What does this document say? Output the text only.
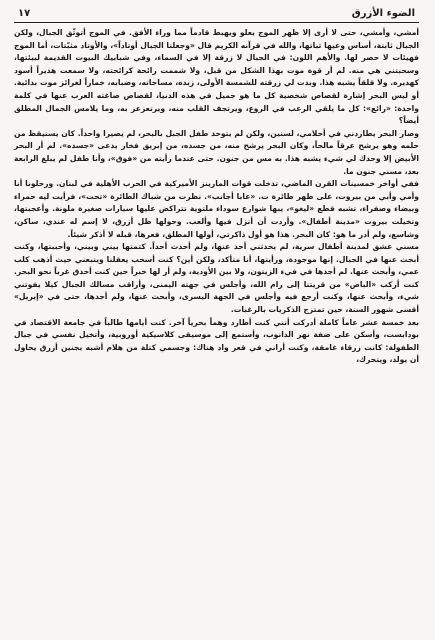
الضوء الأزرق
١٧

أمشي، وأمشي، حتى لا أرى إلا ظهر الموج يعلو ويهبط قادماً مما وراء الأفق. في الموج أتوثّق الجبال، ولكن الجبال ثابتة، أساس وعيها ثباتها، والله في قرآنه الكريم قال «وجعلنا الجبال أوتاداً»، والأوتاد مثبّتات، أما الموج فهيئات لا حصر لها. والأهم اللون: في الجبال لا زرقة إلا في السماء، وفي شبابيك البيوت القديمة لبيئتها، وسحبتني هي منه. لم أر قوة موت بهذا الشكل من قبل، ولا شممت رائحة كرائحته، ولا سمعت هديراً أسود كهديره. ولا قلقاً يشبه هذا. وبدت لي زرقته للشمسة الأولى، زبده، مساحاته، وضبابه، خماراً لغرائز موت بدائية. أو ليس البحر إشارة لقصاص شخصية كل ما هو جميل في هذه الدنيا، لقصاص صاغته العرب عنها في كلمة واحدة: «رائع»: كل ما يلقي الرعب في الروع، ويرتجف القلب منه، ويرتعزعز به، وما يلامس الجمال المطلق أيضاً؟

وصار البحر يطاردني في أحلامي، لسنين، ولكن لم يتوحد طفل الجبل بالبحر، لم يصيرا واحداً. كان يستيقظ من حلمه وهو يرشح عرقاً مالحاً، وكان البحر يرشح منه، من جسده، من إبريق فخار يدعى «جسده». لم أر البحر الأبيض إلا وحدك لي شيء يشبه هذا. به مس من جنون. حتى عندما رأيته من «فوق»، وأنا طفل لم يبلغ الرابعة بعد، مسني جنون ما.

ففي أواخر خمسينات القرن الماضي، تدخلت قوات المارينز الأميركية في الحرب الأهلية في لبنان. ورحلونا أنا وأمي وأبي من بيروت، على ظهر طائرة ت. «عابا أجانب». نظرت من شباك الطائرة «تحت»، فرأيت ليه حمراء وبيضاء وصفراء، تشبه قطع «ليغو»، يبها شوارع سوداء ملتوية تتراكض عليها سيارات صغيرة ملونة. وأعجبتها، وتخيلت بيروت «مدينة أطفال». وأردت أن أنزل فيها وألعب. وحولها ظل أزرق، لا إسم له عندي، ساكن، وشاسع، ولم أدر ما هو: كان البحر. هذا هو أول ذاكرتي، أولها المطلق، فعرها، قبله لا أذكر شيئاً.

مسني عشق لمدينة أطفال سرية، لم يحدثني أحد عنها، ولم أحدث أحداً. كتمتها بيني وبيني، وأحببتها، وكنت أبحث عنها في الجبال. إنها موجودة، ورأيتها، أنا متأكد، ولكن أين؟ كنت أسحب يعقلنا ويتبعني حيث أذهب كلب عمي، وأبحث عنها. لم أجدها في فيء الزيتون، ولا بين الأودية، ولم أر لها خبراً حين كنت أحدق غرباً نحو البحر. كنت أركب «الباص» من قريتنا إلى رام الله، وأجلس في جهته اليمنى، وأراقب مسالك الجبال كيلا يفوتني شيء، وأبحث عنها، وكنت أرجع فيه وأجلس في الجهة اليسرى، وأبحث عنها، ولم أجدها، حتى في «إبريل» أقسى شهور السنة، حين تمتزج الذكريات بالرغبات.

بعد خمسة عشر عاماً كاملة أدركت أنني كنت أطارد وهماً بحرياً آخر. كنت أيامها طالباً في جامعة الاقتصاد في بودابست، وأسكن على ضفة نهر الدانوب، وأستمع إلى موسيقى كلاسيكية أوروبية، وأتخيل نفسي في جبال الطفولة: كانت زرقاء غامقة، وكنت أراني في قعر واد هناك: وجسمي كتلة من هلام أشبه بجنين أزرق يحاول أن يولد، ويتحرك،
